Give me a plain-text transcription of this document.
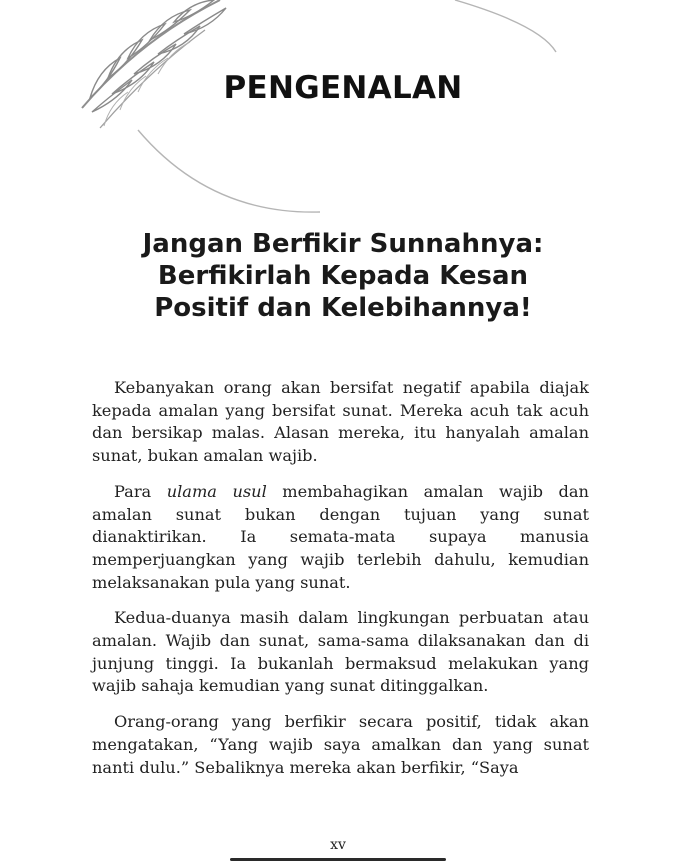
PENGENALAN
Jangan Berfikir Sunnahnya:
Berfikirlah Kepada Kesan
Positif dan Kelebihannya!

Kebanyakan orang akan bersifat negatif apabila diajak kepada amalan yang bersifat sunat. Mereka acuh tak acuh dan bersikap malas. Alasan mereka, itu hanyalah amalan sunat, bukan amalan wajib.

Para ulama usul membahagikan amalan wajib dan amalan sunat bukan dengan tujuan yang sunat dianaktirikan. Ia semata-mata supaya manusia memperjuangkan yang wajib terlebih dahulu, kemudian melaksanakan pula yang sunat.

Kedua-duanya masih dalam lingkungan perbuatan atau amalan. Wajib dan sunat, sama-sama dilaksanakan dan di junjung tinggi. Ia bukanlah bermaksud melakukan yang wajib sahaja kemudian yang sunat ditinggalkan.

Orang-orang yang berfikir secara positif, tidak akan mengatakan, “Yang wajib saya amalkan dan yang sunat nanti dulu.” Sebaliknya mereka akan berfikir, “Saya

xv
